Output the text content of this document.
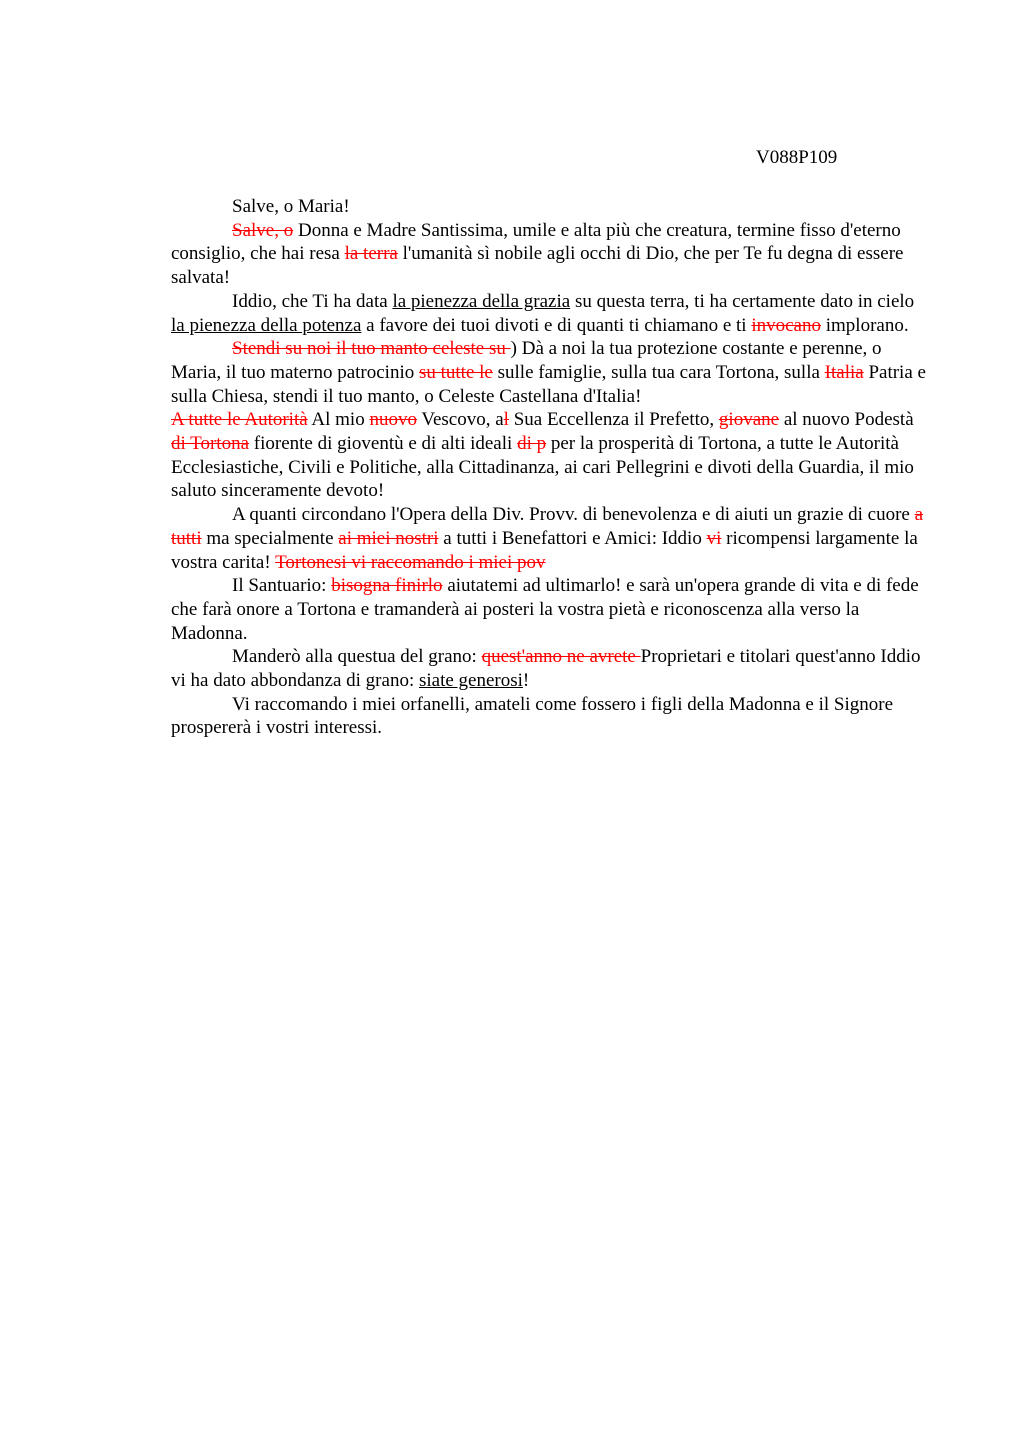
V088P109

Salve, o Maria!

Salve, o Donna e Madre Santissima, umile e alta più che creatura, termine fisso d'eterno consiglio, che hai resa la terra l'umanità sì nobile agli occhi di Dio, che per Te fu degna di essere salvata!

Iddio, che Ti ha data la pienezza della grazia su questa terra, ti ha certamente dato in cielo la pienezza della potenza a favore dei tuoi divoti e di quanti ti chiamano e ti invocano implorano.

Stendi su noi il tuo manto celeste su ) Dà a noi la tua protezione costante e perenne, o Maria, il tuo materno patrocinio su tutte le sulle famiglie, sulla tua cara Tortona, sulla Italia Patria e sulla Chiesa, stendi il tuo manto, o Celeste Castellana d'Italia!

A tutte le Autorità Al mio nuovo Vescovo, al Sua Eccellenza il Prefetto, giovane al nuovo Podestà di Tortona fiorente di gioventù e di alti ideali di p per la prosperità di Tortona, a tutte le Autorità Ecclesiastiche, Civili e Politiche, alla Cittadinanza, ai cari Pellegrini e divoti della Guardia, il mio saluto sinceramente devoto!

A quanti circondano l'Opera della Div. Provv. di benevolenza e di aiuti un grazie di cuore a tutti ma specialmente ai miei nostri a tutti i Benefattori e Amici: Iddio vi ricompensi largamente la vostra carita! Tortonesi vi raccomando i miei pov

Il Santuario: bisogna finirlo aiutatemi ad ultimarlo! e sarà un'opera grande di vita e di fede che farà onore a Tortona e tramanderà ai posteri la vostra pietà e riconoscenza alla verso la Madonna.

Manderò alla questua del grano: quest'anno ne avrete Proprietari e titolari quest'anno Iddio vi ha dato abbondanza di grano: siate generosi!

Vi raccomando i miei orfanelli, amateli come fossero i figli della Madonna e il Signore prospererà i vostri interessi.
